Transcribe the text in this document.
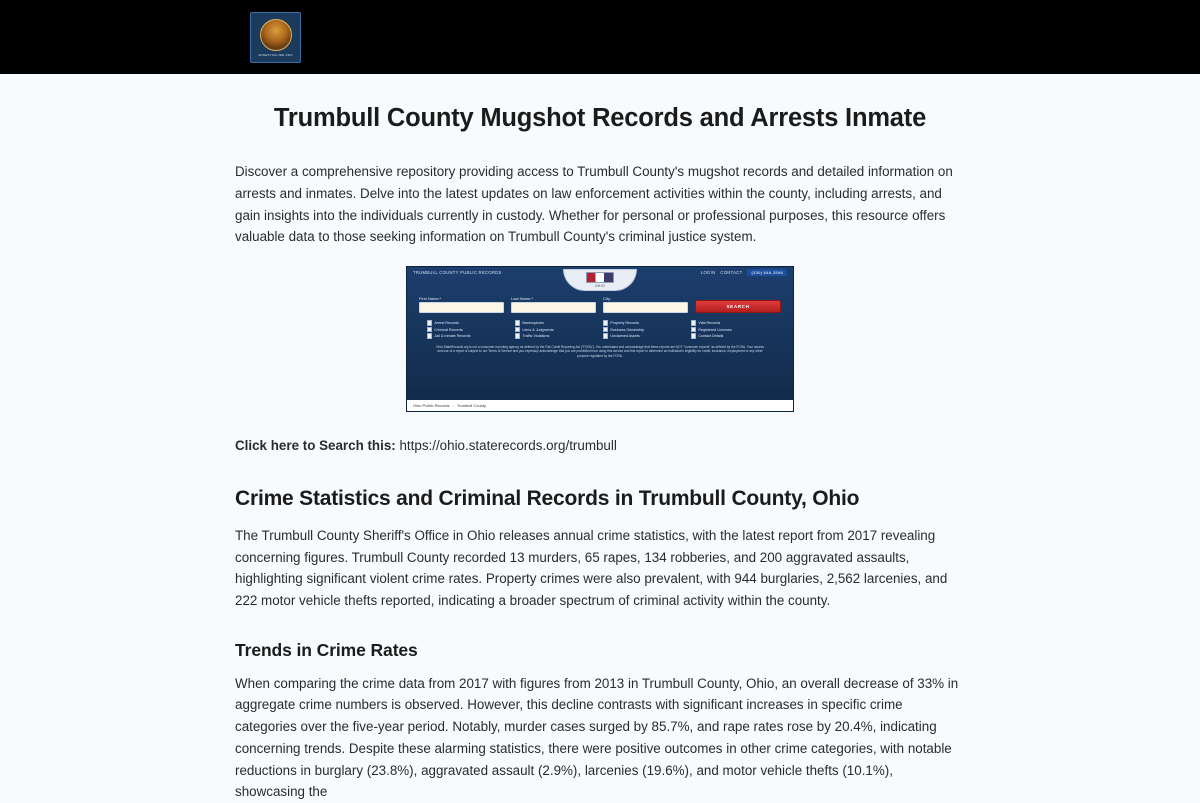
ARRESTSGUIDE.ORG
Trumbull County Mugshot Records and Arrests Inmate

Discover a comprehensive repository providing access to Trumbull County's mugshot records and detailed information on arrests and inmates. Delve into the latest updates on law enforcement activities within the county, including arrests, and gain insights into the individuals currently in custody. Whether for personal or professional purposes, this resource offers valuable data to those seeking information on Trumbull County's criminal justice system.

TRUMBULL COUNTY PUBLIC RECORDS	LOGIN CONTACT	(330) 646-3598
OHIO
First Name:*	Last Name:*	City:
SEARCH
Arrest Records	Bankruptcies	Property Records	Vital Records
Criminal Records	Liens & Judgments	Business Ownership	Registered Licenses
Jail & Inmate Records	Traffic Violations	Unclaimed Assets	Contact Details
Ohio.StateRecords.org is not a consumer reporting agency as defined by the Fair Credit Reporting Act ("FCRA"). You understand and acknowledge that these reports are NOT "consumer reports" as defined by the FCRA. Your access and use of a report is subject to our Terms of Service and you expressly acknowledge that you are prohibited from using this service and this report to determine an individual's eligibility for credit, insurance, employment or any other purpose regulated by the FCRA.
Ohio Public Records › Trumbull County
Click here to Search this: https://ohio.staterecords.org/trumbull
Crime Statistics and Criminal Records in Trumbull County, Ohio

The Trumbull County Sheriff's Office in Ohio releases annual crime statistics, with the latest report from 2017 revealing concerning figures. Trumbull County recorded 13 murders, 65 rapes, 134 robberies, and 200 aggravated assaults, highlighting significant violent crime rates. Property crimes were also prevalent, with 944 burglaries, 2,562 larcenies, and 222 motor vehicle thefts reported, indicating a broader spectrum of criminal activity within the county.

Trends in Crime Rates

When comparing the crime data from 2017 with figures from 2013 in Trumbull County, Ohio, an overall decrease of 33% in aggregate crime numbers is observed. However, this decline contrasts with significant increases in specific crime categories over the five-year period. Notably, murder cases surged by 85.7%, and rape rates rose by 20.4%, indicating concerning trends. Despite these alarming statistics, there were positive outcomes in other crime categories, with notable reductions in burglary (23.8%), aggravated assault (2.9%), larcenies (19.6%), and motor vehicle thefts (10.1%), showcasing the
